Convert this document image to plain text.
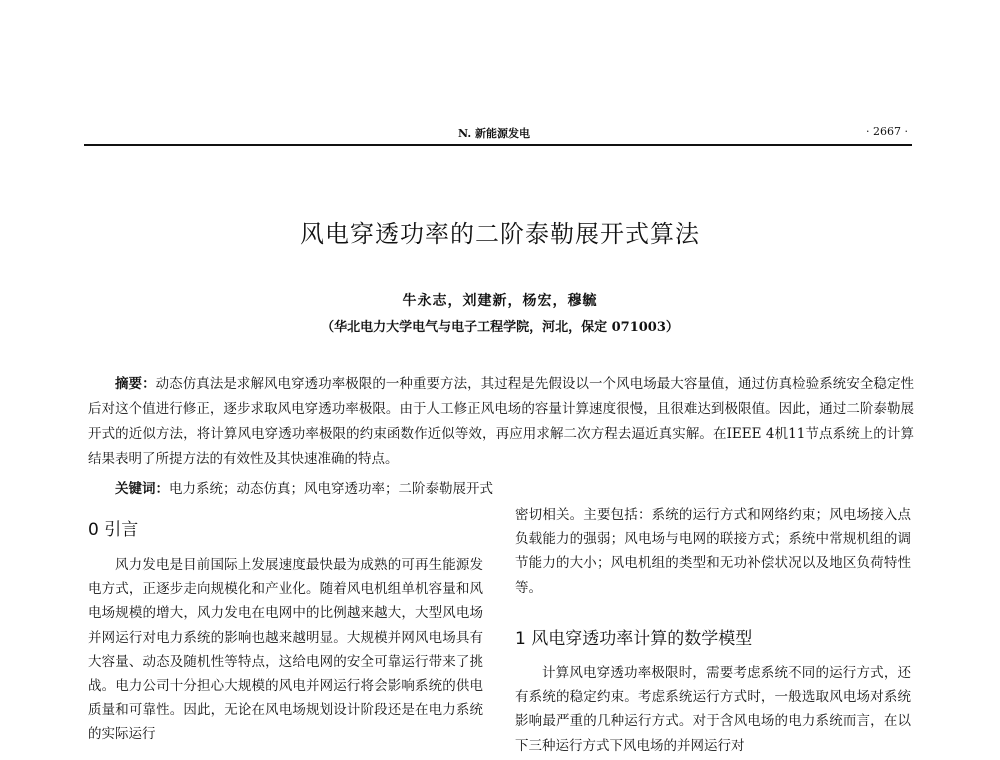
N. 新能源发电	· 2667 ·
风电穿透功率的二阶泰勒展开式算法
牛永志，刘建新，杨宏，穆毓
（华北电力大学电气与电子工程学院，河北，保定 071003）

摘要：动态仿真法是求解风电穿透功率极限的一种重要方法，其过程是先假设以一个风电场最大容量值，通过仿真检验系统安全稳定性后对这个值进行修正，逐步求取风电穿透功率极限。由于人工修正风电场的容量计算速度很慢，且很难达到极限值。因此，通过二阶泰勒展开式的近似方法，将计算风电穿透功率极限的约束函数作近似等效，再应用求解二次方程去逼近真实解。在IEEE 4机11节点系统上的计算结果表明了所提方法的有效性及其快速准确的特点。

关键词：电力系统；动态仿真；风电穿透功率；二阶泰勒展开式

0 引言

风力发电是目前国际上发展速度最快最为成熟的可再生能源发电方式，正逐步走向规模化和产业化。随着风电机组单机容量和风电场规模的增大，风力发电在电网中的比例越来越大，大型风电场并网运行对电力系统的影响也越来越明显。大规模并网风电场具有大容量、动态及随机性等特点，这给电网的安全可靠运行带来了挑战。电力公司十分担心大规模的风电并网运行将会影响系统的供电质量和可靠性。因此，无论在风电场规划设计阶段还是在电力系统的实际运行

密切相关。主要包括：系统的运行方式和网络约束；风电场接入点负载能力的强弱；风电场与电网的联接方式；系统中常规机组的调节能力的大小；风电机组的类型和无功补偿状况以及地区负荷特性等。

1 风电穿透功率计算的数学模型

计算风电穿透功率极限时，需要考虑系统不同的运行方式，还有系统的稳定约束。考虑系统运行方式时，一般选取风电场对系统影响最严重的几种运行方式。对于含风电场的电力系统而言，在以下三种运行方式下风电场的并网运行对
